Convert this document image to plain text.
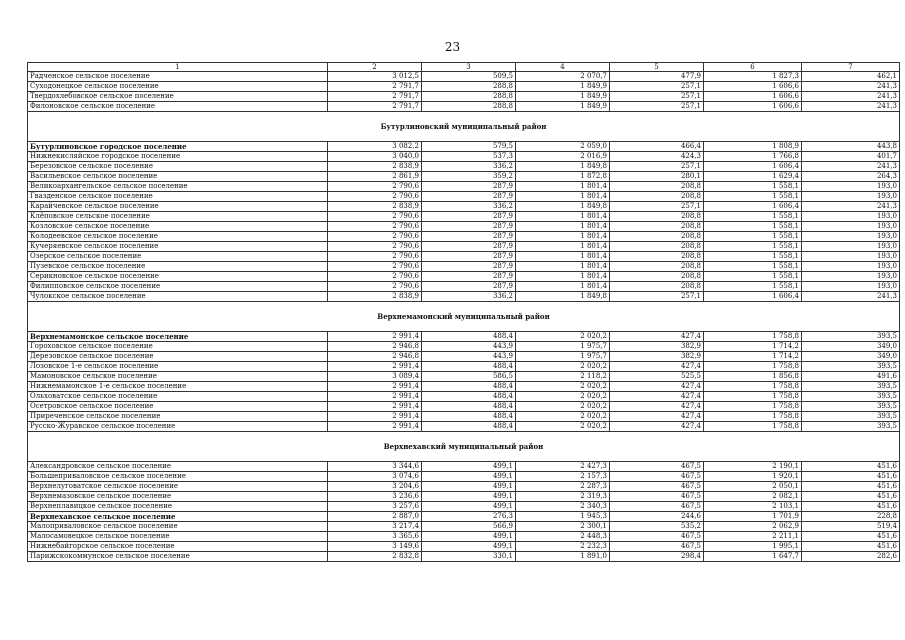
23
1	2	3	4	5	6	7
Радченское сельское поселение	3 012,5	509,5	2 070,7	477,9	1 827,3	462,1
Суходонецкое сельское поселение	2 791,7	288,8	1 849,9	257,1	1 606,6	241,3
Твердохлебовское сельское поселение	2 791,7	288,8	1 849,9	257,1	1 606,6	241,3
Филоновское сельское поселение	2 791,7	288,8	1 849,9	257,1	1 606,6	241,3
Бутурлиновский муниципальный район						
Бутурлиновское городское поселение	3 082,2	579,5	2 059,0	466,4	1 808,9	443,8
Нижнекисляйское городское поселение	3 040,0	537,3	2 016,9	424,3	1 766,8	401,7
Березовское сельское поселение	2 838,9	336,2	1 849,8	257,1	1 606,4	241,3
Васильевское сельское поселение	2 861,9	359,2	1 872,8	280,1	1 629,4	264,3
Великоархангельское сельское поселение	2 790,6	287,9	1 801,4	208,8	1 558,1	193,0
Гвазденское сельское поселение	2 790,6	287,9	1 801,4	208,8	1 558,1	193,0
Карайчевское сельское поселение	2 838,9	336,2	1 849,8	257,1	1 606,4	241,3
Клёповское сельское поселение	2 790,6	287,9	1 801,4	208,8	1 558,1	193,0
Козловское сельское поселение	2 790,6	287,9	1 801,4	208,8	1 558,1	193,0
Колодеевское сельское поселение	2 790,6	287,9	1 801,4	208,8	1 558,1	193,0
Кучеряевское сельское поселение	2 790,6	287,9	1 801,4	208,8	1 558,1	193,0
Озерское сельское поселение	2 790,6	287,9	1 801,4	208,8	1 558,1	193,0
Пузевское сельское поселение	2 790,6	287,9	1 801,4	208,8	1 558,1	193,0
Серикновское сельское поселение	2 790,6	287,9	1 801,4	208,8	1 558,1	193,0
Филипповское сельское поселение	2 790,6	287,9	1 801,4	208,8	1 558,1	193,0
Чулокское сельское поселение	2 838,9	336,2	1 849,8	257,1	1 606,4	241,3
Верхнемамонский муниципальный район						
Верхнемамонское сельское поселение	2 991,4	488,4	2 020,2	427,4	1 758,8	393,5
Гороховское сельское поселение	2 946,8	443,9	1 975,7	382,9	1 714,2	349,0
Дерезовское сельское поселение	2 946,8	443,9	1 975,7	382,9	1 714,2	349,0
Лозовское 1-е сельское поселение	2 991,4	488,4	2 020,2	427,4	1 758,8	393,5
Мамоновское сельское поселение	3 089,4	586,5	2 118,2	525,5	1 856,8	491,6
Нижнемамонское 1-е сельское поселение	2 991,4	488,4	2 020,2	427,4	1 758,8	393,5
Ольховатское сельское поселение	2 991,4	488,4	2 020,2	427,4	1 758,8	393,5
Осетровское сельское поселение	2 991,4	488,4	2 020,2	427,4	1 758,8	393,5
Приреченское сельское поселение	2 991,4	488,4	2 020,2	427,4	1 758,8	393,5
Русско-Журавское сельское поселение	2 991,4	488,4	2 020,2	427,4	1 758,8	393,5
Верхнехавский муниципальный район						
Александровское сельское поселение	3 344,6	499,1	2 427,3	467,5	2 190,1	451,6
Большеприваловское сельское поселение	3 074,6	499,1	2 157,3	467,5	1 920,1	451,6
Верхнелуговатское сельское поселение	3 204,6	499,1	2 287,3	467,5	2 050,1	451,6
Верхнемазовское сельское поселение	3 236,6	499,1	2 319,3	467,5	2 082,1	451,6
Верхнеплавицкое сельское поселение	3 257,6	499,1	2 340,3	467,5	2 103,1	451,6
Верхнехавское сельское поселение	2 887,0	276,3	1 945,3	244,6	1 701,9	228,8
Малоприваловское сельское поселение	3 217,4	566,9	2 300,1	535,2	2 062,9	519,4
Малосамовецкое сельское поселение	3 365,6	499,1	2 448,3	467,5	2 211,1	451,6
Нижнебайгорское сельское поселение	3 149,6	499,1	2 232,3	467,5	1 995,1	451,6
Парижскокоммунское сельское поселение	2 832,8	330,1	1 891,0	298,4	1 647,7	282,6
